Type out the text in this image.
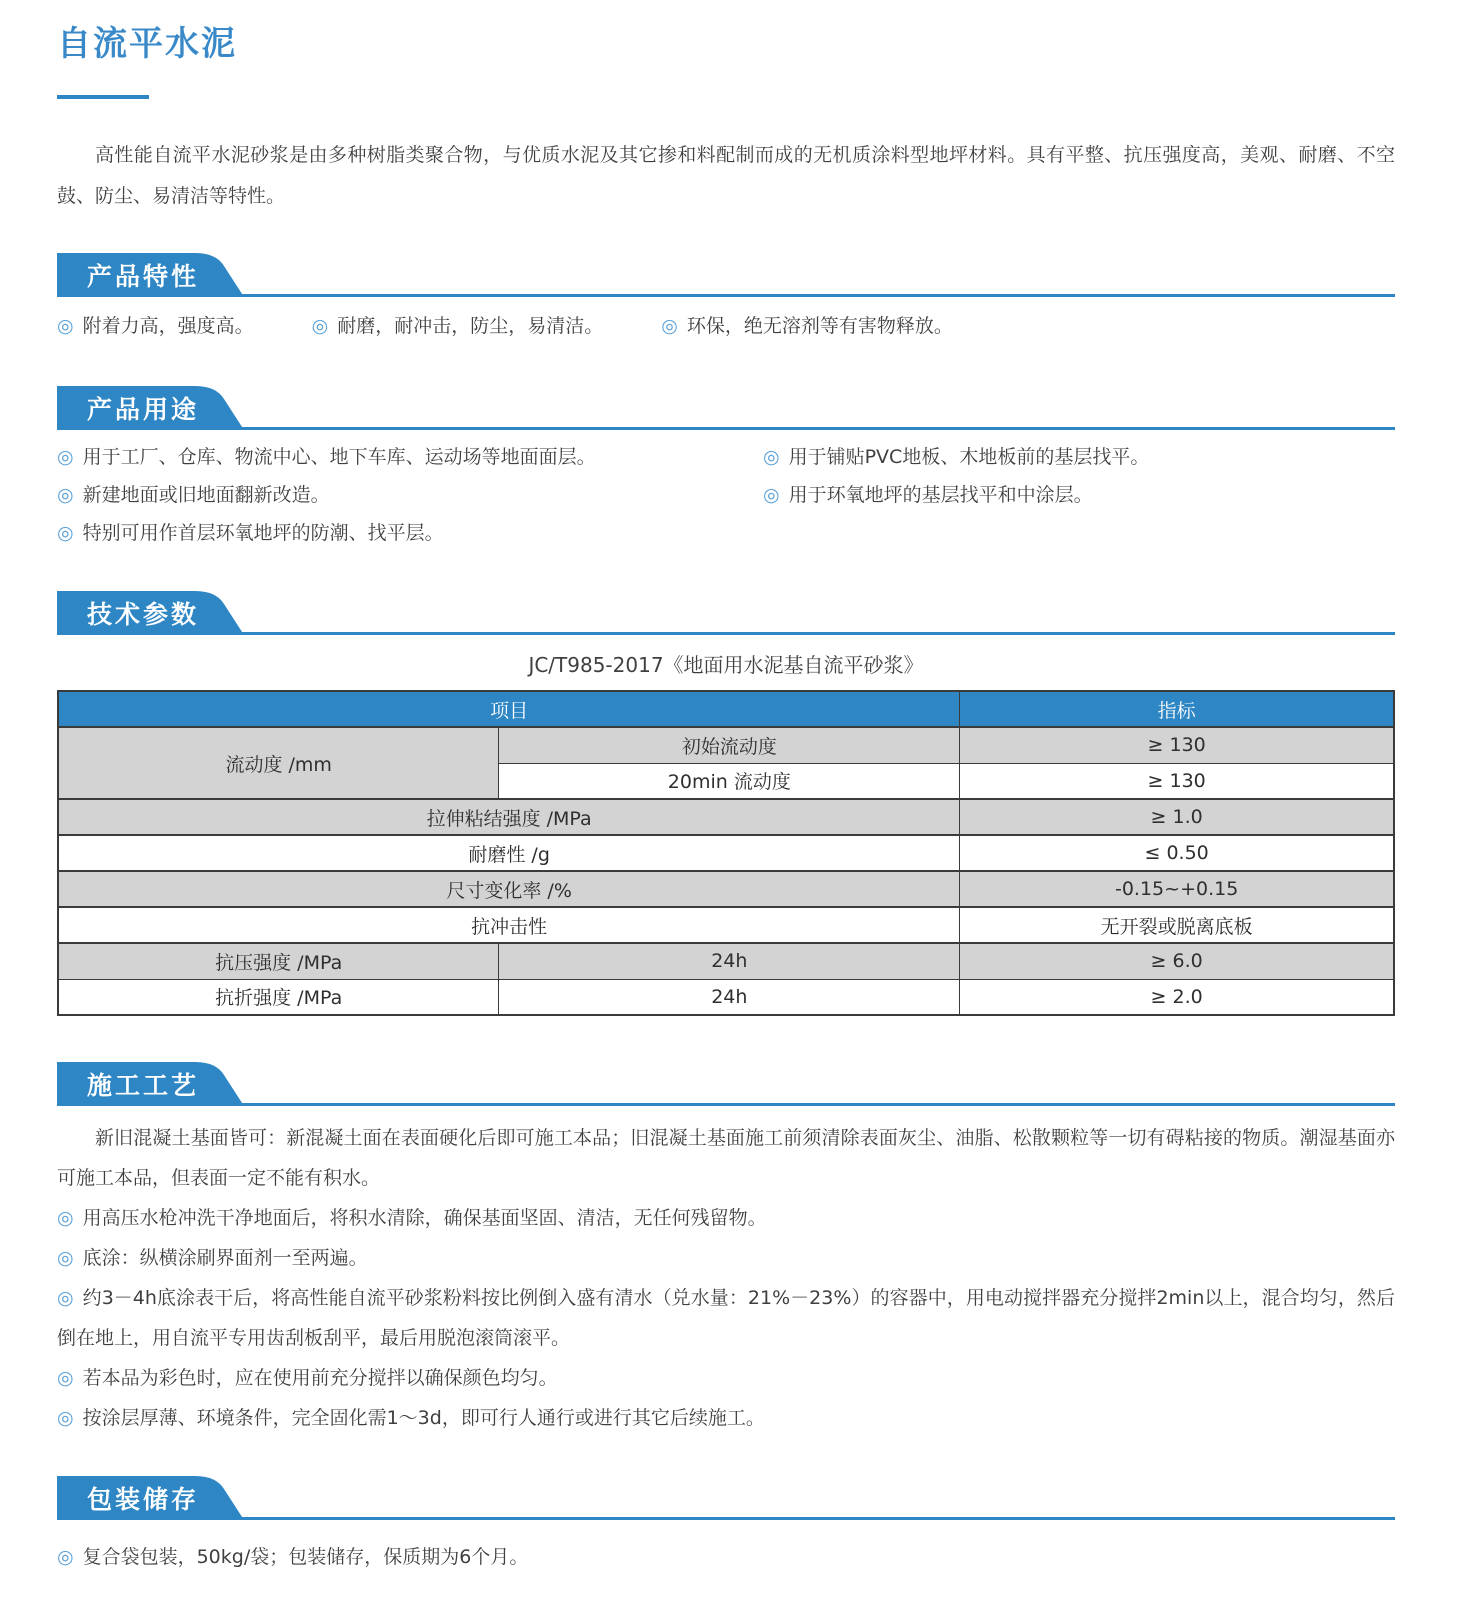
自流平水泥

高性能自流平水泥砂浆是由多种树脂类聚合物，与优质水泥及其它掺和料配制而成的无机质涂料型地坪材料。具有平整、抗压强度高，美观、耐磨、不空鼓、防尘、易清洁等特性。

产品特性
◎ 附着力高，强度高。	◎ 耐磨，耐冲击，防尘，易清洁。	◎ 环保，绝无溶剂等有害物释放。
产品用途
◎ 用于工厂、仓库、物流中心、地下车库、运动场等地面面层。	◎ 用于铺贴PVC地板、木地板前的基层找平。
◎ 新建地面或旧地面翻新改造。	◎ 用于环氧地坪的基层找平和中涂层。
◎ 特别可用作首层环氧地坪的防潮、找平层。
技术参数
JC/T985-2017《地面用水泥基自流平砂浆》
项目		指标
流动度 /mm	初始流动度	≥ 130
	20min 流动度	≥ 130
拉伸粘结强度 /MPa		≥ 1.0
耐磨性 /g		≤ 0.50
尺寸变化率 /%		-0.15~+0.15
抗冲击性		无开裂或脱离底板
抗压强度 /MPa	24h	≥ 6.0
抗折强度 /MPa	24h	≥ 2.0
施工工艺

新旧混凝土基面皆可：新混凝土面在表面硬化后即可施工本品；旧混凝土基面施工前须清除表面灰尘、油脂、松散颗粒等一切有碍粘接的物质。潮湿基面亦可施工本品，但表面一定不能有积水。

◎ 用高压水枪冲洗干净地面后，将积水清除，确保基面坚固、清洁，无任何残留物。

◎ 底涂：纵横涂刷界面剂一至两遍。

◎ 约3－4h底涂表干后，将高性能自流平砂浆粉料按比例倒入盛有清水（兑水量：21%－23%）的容器中，用电动搅拌器充分搅拌2min以上，混合均匀，然后倒在地上，用自流平专用齿刮板刮平，最后用脱泡滚筒滚平。

◎ 若本品为彩色时，应在使用前充分搅拌以确保颜色均匀。

◎ 按涂层厚薄、环境条件，完全固化需1～3d，即可行人通行或进行其它后续施工。

包装储存
◎ 复合袋包装，50kg/袋；包装储存，保质期为6个月。
